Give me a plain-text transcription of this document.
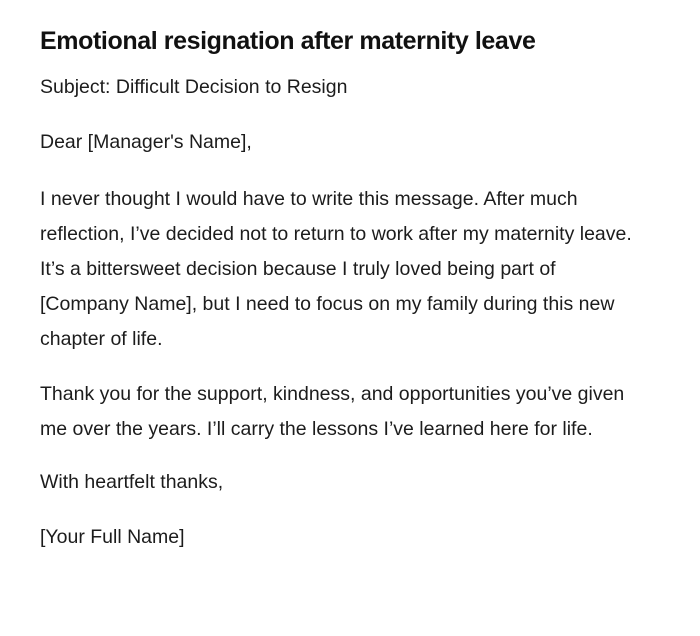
Emotional resignation after maternity leave

Subject: Difficult Decision to Resign

Dear [Manager's Name],

I never thought I would have to write this message. After much reflection, I’ve decided not to return to work after my maternity leave. It’s a bittersweet decision because I truly loved being part of [Company Name], but I need to focus on my family during this new chapter of life.

Thank you for the support, kindness, and opportunities you’ve given me over the years. I’ll carry the lessons I’ve learned here for life.

With heartfelt thanks,

[Your Full Name]
